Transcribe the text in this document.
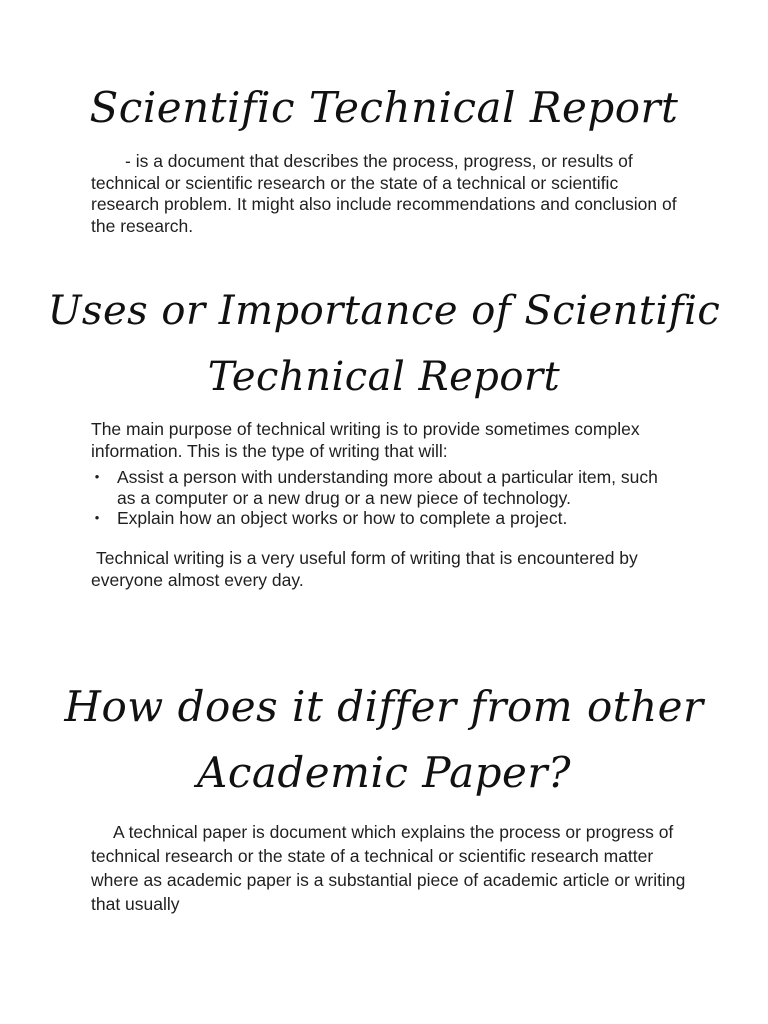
Scientific Technical Report

- is a document that describes the process, progress, or results of technical or scientific research or the state of a technical or scientific research problem. It might also include recommendations and conclusion of the research.

Uses or Importance of Scientific
Technical Report

The main purpose of technical writing is to provide sometimes complex information. This is the type of writing that will:

• Assist a person with understanding more about a particular item, such as a computer or a new drug or a new piece of technology.
• Explain how an object works or how to complete a project.

Technical writing is a very useful form of writing that is encountered by everyone almost every day.

How does it differ from other
Academic Paper?

A technical paper is document which explains the process or progress of technical research or the state of a technical or scientific research matter where as academic paper is a substantial piece of academic article or writing that usually
